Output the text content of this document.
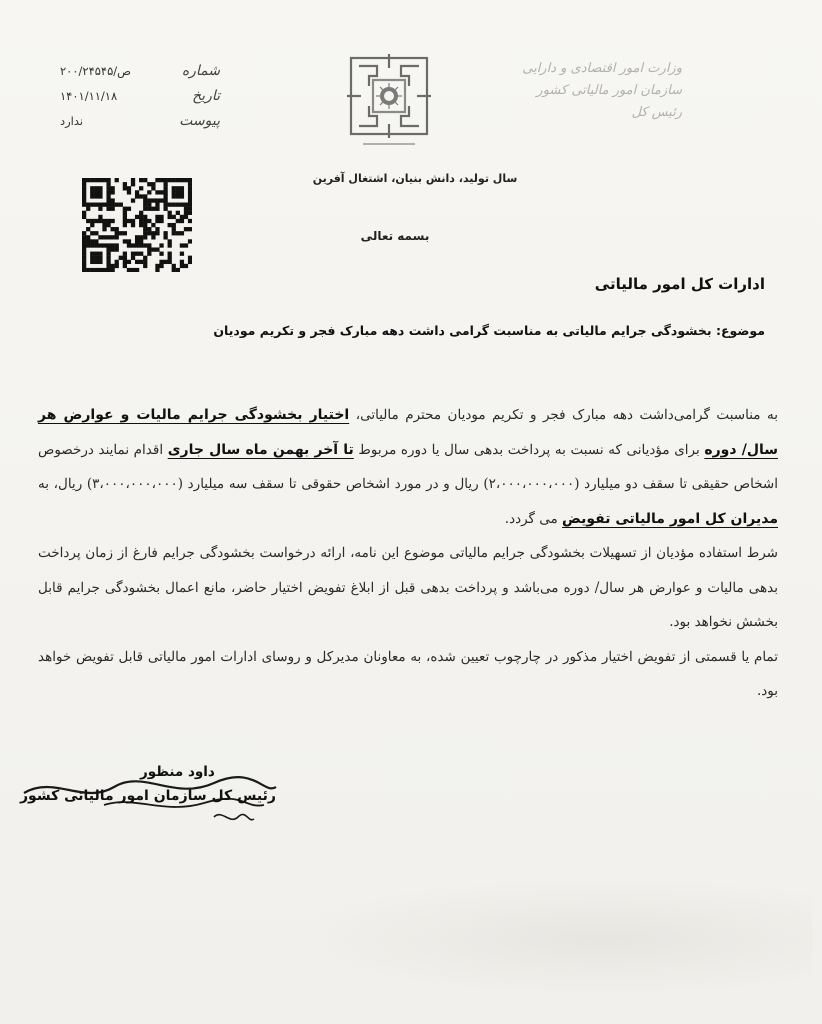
وزارت امور اقتصادی و دارایی
سازمان امور مالیاتی کشور
رئیس کل
سال تولید، دانش بنیان، اشتغال آفرین
بسمه تعالی
۲۰۰/۲۴۵۴۵/ص	شماره
۱۴۰۱/۱۱/۱۸	تاریخ
ندارد	پیوست
ادارات کل امور مالیاتی
موضوع: بخشودگی جرایم مالیاتی به مناسبت گرامی داشت دهه مبارک فجر و تکریم مودیان

به مناسبت گرامی‌داشت دهه مبارک فجر و تکریم مودیان محترم مالیاتی، اختیار بخشودگی جرایم مالیات و عوارض هر سال/ دوره برای مؤدیانی که نسبت به پرداخت بدهی سال یا دوره مربوط تا آخر بهمن ماه سال جاری اقدام نمایند درخصوص اشخاص حقیقی تا سقف دو میلیارد (۲،۰۰۰،۰۰۰،۰۰۰) ریال و در مورد اشخاص حقوقی تا سقف سه میلیارد (۳،۰۰۰،۰۰۰،۰۰۰) ریال، به مدیران کل امور مالیاتی تفویض می گردد.

شرط استفاده مؤدیان از تسهیلات بخشودگی جرایم مالیاتی موضوع این نامه، ارائه درخواست بخشودگی جرایم فارغ از زمان پرداخت بدهی مالیات و عوارض هر سال/ دوره می‌باشد و پرداخت بدهی قبل از ابلاغ تفویض اختیار حاضر، مانع اعمال بخشودگی جرایم قابل بخشش نخواهد بود.

تمام یا قسمتی از تفویض اختیار مذکور در چارچوب تعیین شده، به معاونان مدیرکل و روسای ادارات امور مالیاتی قابل تفویض خواهد بود.

داود منظور
رئیس کل سازمان امور مالیاتی کشور
